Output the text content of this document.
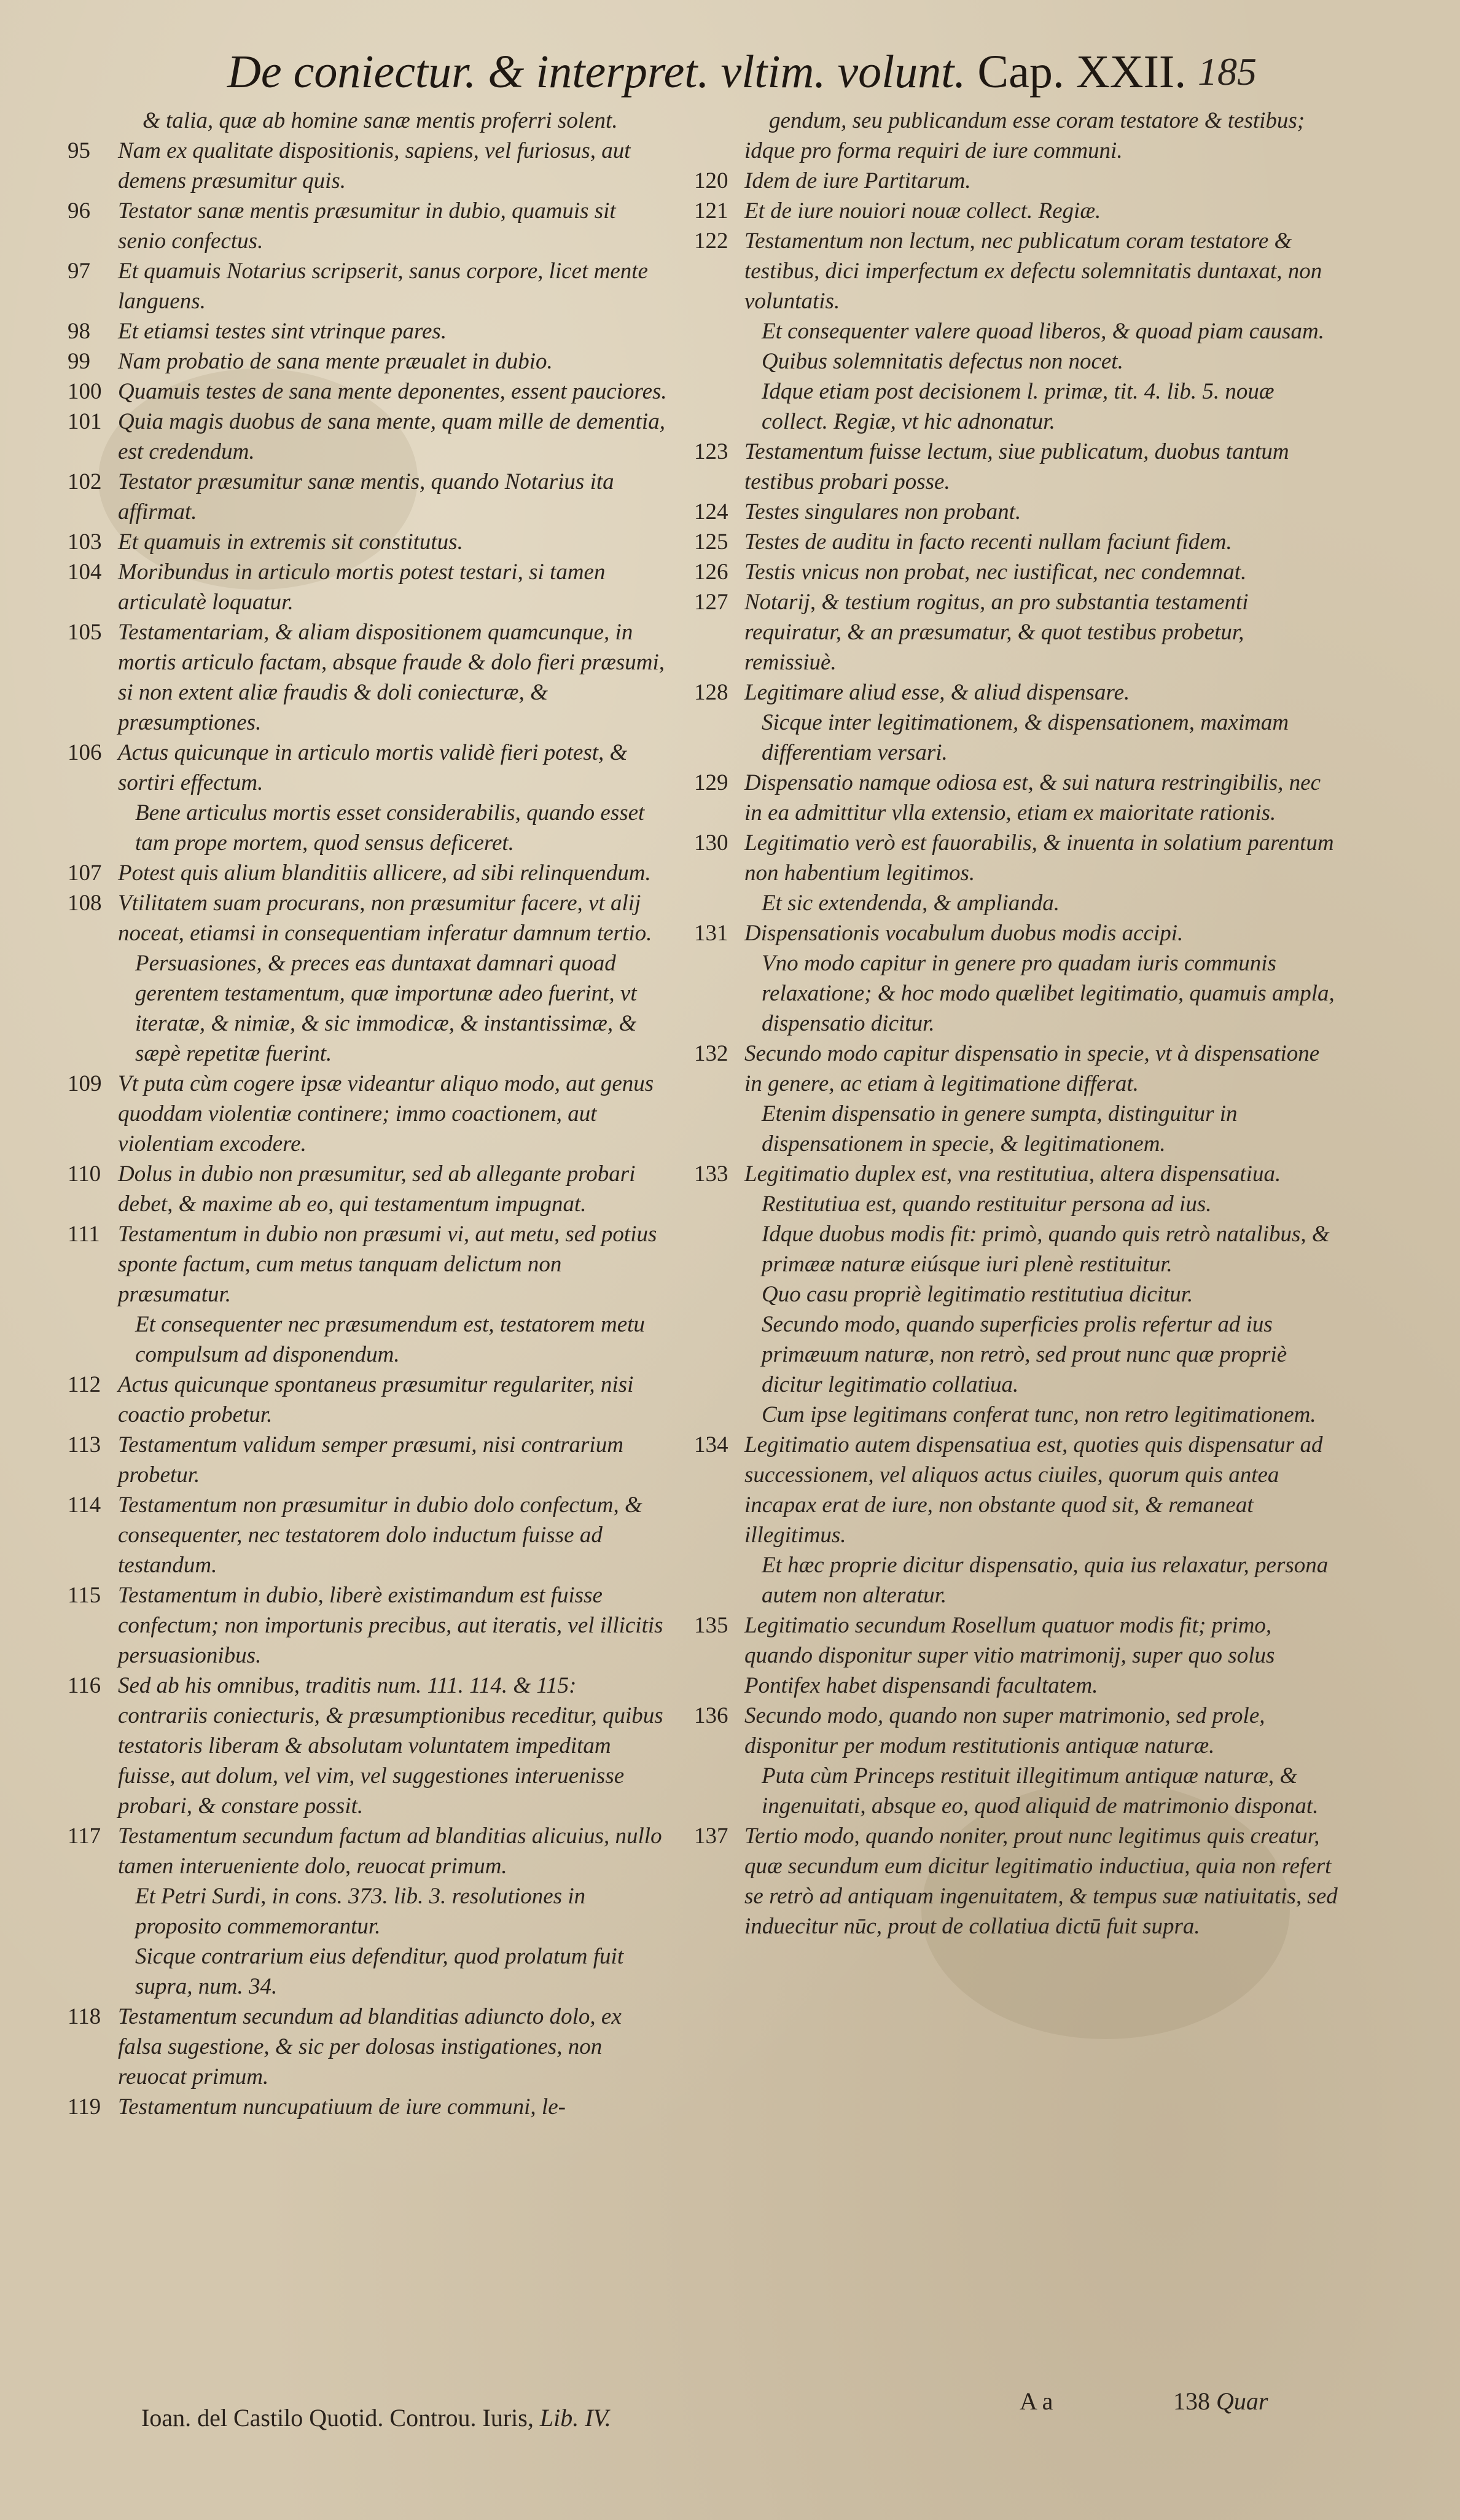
De coniectur. & interpret. vltim. volunt. Cap. XXII. 185

& talia, quæ ab homine sanæ mentis proferri solent.

95	Nam ex qualitate dispositionis, sapiens, vel furiosus, aut demens præsumitur quis.

96	Testator sanæ mentis præsumitur in dubio, quamuis sit senio confectus.

97	Et quamuis Notarius scripserit, sanus corpore, licet mente languens.

98	Et etiamsi testes sint vtrinque pares.

99	Nam probatio de sana mente præualet in dubio.

100 Quamuis testes de sana mente deponentes, essent pauciores.

101 Quia magis duobus de sana mente, quam mille de dementia, est credendum.

102 Testator præsumitur sanæ mentis, quando Notarius ita affirmat.

103 Et quamuis in extremis sit constitutus.

104 Moribundus in articulo mortis potest testari, si tamen articulatè loquatur.

105 Testamentariam, & aliam dispositionem quamcunque, in mortis articulo factam, absque fraude & dolo fieri præsumi, si non extent aliæ fraudis & doli coniecturæ, & præsumptiones.

106 Actus quicunque in articulo mortis validè fieri potest, & sortiri effectum.

Bene articulus mortis esset considerabilis, quando esset tam prope mortem, quod sensus deficeret.

107 Potest quis alium blanditiis allicere, ad sibi relinquendum.

108 Vtilitatem suam procurans, non præsumitur facere, vt alij noceat, etiamsi in consequentiam inferatur damnum tertio.

Persuasiones, & preces eas duntaxat damnari quoad gerentem testamentum, quæ importunæ adeo fuerint, vt iteratæ, & nimiæ, & sic immodicæ, & instantissimæ, & sæpè repetitæ fuerint.

109 Vt puta cùm cogere ipsæ videantur aliquo modo, aut genus quoddam violentiæ continere; immo coactionem, aut violentiam excodere.

110 Dolus in dubio non præsumitur, sed ab allegante probari debet, & maxime ab eo, qui testamentum impugnat.

111 Testamentum in dubio non præsumi vi, aut metu, sed potius sponte factum, cum metus tanquam delictum non præsumatur.

Et consequenter nec præsumendum est, testatorem metu compulsum ad disponendum.

112 Actus quicunque spontaneus præsumitur regulariter, nisi coactio probetur.

113 Testamentum validum semper præsumi, nisi contrarium probetur.

114 Testamentum non præsumitur in dubio dolo confectum, & consequenter, nec testatorem dolo inductum fuisse ad testandum.

115 Testamentum in dubio, liberè existimandum est fuisse confectum; non importunis precibus, aut iteratis, vel illicitis persuasionibus.

116 Sed ab his omnibus, traditis num. 111. 114. & 115: contrariis coniecturis, & præsumptionibus receditur, quibus testatoris liberam & absolutam voluntatem impeditam fuisse, aut dolum, vel vim, vel suggestiones interuenisse probari, & constare possit.

117 Testamentum secundum factum ad blanditias alicuius, nullo tamen interueniente dolo, reuocat primum.

Et Petri Surdi, in cons. 373. lib. 3. resolutiones in proposito commemorantur.

Sicque contrarium eius defenditur, quod prolatum fuit supra, num. 34.

118 Testamentum secundum ad blanditias adiuncto dolo, ex falsa sugestione, & sic per dolosas instigationes, non reuocat primum.

119 Testamentum nuncupatiuum de iure communi, le-

gendum, seu publicandum esse coram testatore & testibus; idque pro forma requiri de iure communi.

120 Idem de iure Partitarum.

121 Et de iure nouiori nouæ collect. Regiæ.

122 Testamentum non lectum, nec publicatum coram testatore & testibus, dici imperfectum ex defectu solemnitatis duntaxat, non voluntatis.

Et consequenter valere quoad liberos, & quoad piam causam.

Quibus solemnitatis defectus non nocet.

Idque etiam post decisionem l. primæ, tit. 4. lib. 5. nouæ collect. Regiæ, vt hic adnonatur.

123 Testamentum fuisse lectum, siue publicatum, duobus tantum testibus probari posse.

124 Testes singulares non probant.

125 Testes de auditu in facto recenti nullam faciunt fidem.

126 Testis vnicus non probat, nec iustificat, nec condemnat.

127 Notarij, & testium rogitus, an pro substantia testamenti requiratur, & an præsumatur, & quot testibus probetur, remissiuè.

128 Legitimare aliud esse, & aliud dispensare.

Sicque inter legitimationem, & dispensationem, maximam differentiam versari.

129 Dispensatio namque odiosa est, & sui natura restringibilis, nec in ea admittitur vlla extensio, etiam ex maioritate rationis.

130 Legitimatio verò est fauorabilis, & inuenta in solatium parentum non habentium legitimos.

Et sic extendenda, & amplianda.

131 Dispensationis vocabulum duobus modis accipi.

Vno modo capitur in genere pro quadam iuris communis relaxatione; & hoc modo quælibet legitimatio, quamuis ampla, dispensatio dicitur.

132 Secundo modo capitur dispensatio in specie, vt à dispensatione in genere, ac etiam à legitimatione differat.

Etenim dispensatio in genere sumpta, distinguitur in dispensationem in specie, & legitimationem.

133 Legitimatio duplex est, vna restitutiua, altera dispensatiua.

Restitutiua est, quando restituitur persona ad ius.

Idque duobus modis fit: primò, quando quis retrò natalibus, & primææ naturæ eiúsque iuri plenè restituitur.

Quo casu propriè legitimatio restitutiua dicitur.

Secundo modo, quando superficies prolis refertur ad ius primæuum naturæ, non retrò, sed prout nunc quæ propriè dicitur legitimatio collatiua.

Cum ipse legitimans conferat tunc, non retro legitimationem.

134 Legitimatio autem dispensatiua est, quoties quis dispensatur ad successionem, vel aliquos actus ciuiles, quorum quis antea incapax erat de iure, non obstante quod sit, & remaneat illegitimus.

Et hæc proprie dicitur dispensatio, quia ius relaxatur, persona autem non alteratur.

135 Legitimatio secundum Rosellum quatuor modis fit; primo, quando disponitur super vitio matrimonij, super quo solus Pontifex habet dispensandi facultatem.

136 Secundo modo, quando non super matrimonio, sed prole, disponitur per modum restitutionis antiquæ naturæ.

Puta cùm Princeps restituit illegitimum antiquæ naturæ, & ingenuitati, absque eo, quod aliquid de matrimonio disponat.

137 Tertio modo, quando noniter, prout nunc legitimus quis creatur, quæ secundum eum dicitur legitimatio inductiua, quia non refert se retrò ad antiquam ingenuitatem, & tempus suæ natiuitatis, sed induecitur nūc, prout de collatiua dictū fuit supra.

Ioan. del Castilo Quotid. Controu. Iuris, Lib. IV.
A a	138 Quar
